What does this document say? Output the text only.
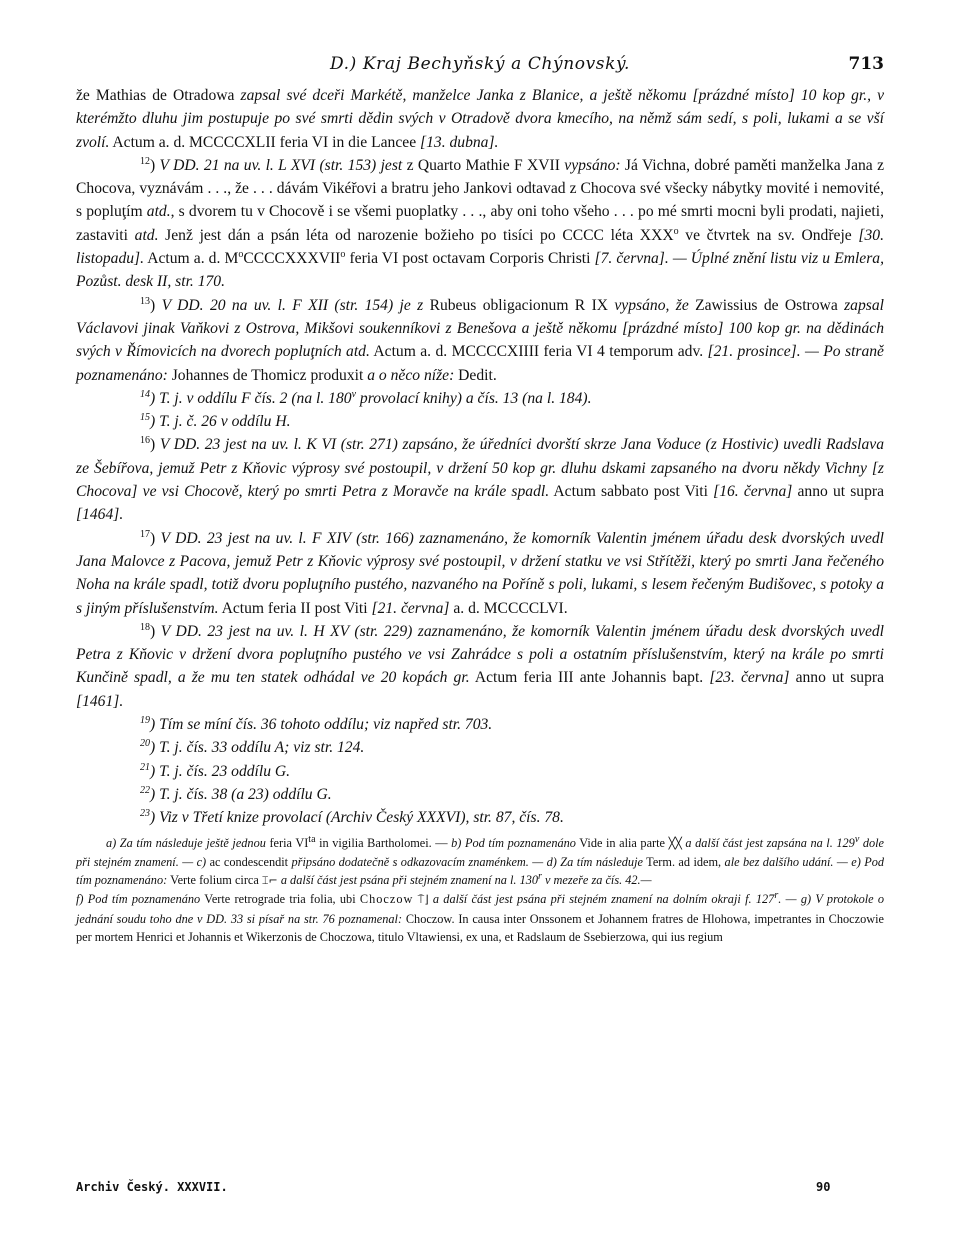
D.) Kraj Bechyňský a Chýnovský.	713

že Mathias de Otradowa zapsal své dceři Markétě, manželce Janka z Blanice, a ještě někomu [prázdné místo] 10 kop gr., v kterémžto dluhu jim postupuje po své smrti dědin svých v Otradově dvora kmecího, na němž sám sedí, s poli, lukami a se vší zvolí. Actum a. d. MCCCCXLII feria VI in die Lancee [13. dubna].

$^{12}$) V DD. 21 na uv. l. L XVI (str. 153) jest z Quarto Mathie F XVII vypsáno: Já Vichna, dobré paměti manželka Jana z Chocova, vyznávám . . ., že . . . dávám Vikéřovi a bratru jeho Jankovi odtavad z Chocova své všecky nábytky movité i nemovité, s popluţím atd., s dvorem tu v Chocově i se všemi puoplatky . . ., aby oni toho všeho . . . po mé smrti mocni byli prodati, najieti, zastaviti atd. Jenž jest dán a psán léta od narozenie božieho po tisíci po CCCC léta XXX$^o$ ve čtvrtek na sv. Ondřeje [30. listopadu]. Actum a. d. $M^oCCCCXXXVII^o$ feria VI post octavam Corporis Christi [7. června]. — Úplné znění listu viz u Emlera, Pozůst. desk II, str. 170.

$^{13}$) V DD. 20 na uv. l. F XII (str. 154) je z Rubeus obligacionum R IX vypsáno, že Zawissius de Ostrowa zapsal Václavovi jinak Vaňkovi z Ostrova, Mikšovi soukenníkovi z Benešova a ještě někomu [prázdné místo] 100 kop gr. na dědinách svých v Římovicích na dvorech popluţních atd. Actum a. d. MCCCCXIIII feria VI 4 temporum adv. [21. prosince]. — Po straně poznamenáno: Johannes de Thomicz produxit a o něco níže: Dedit.

$^{14}$) T. j. v oddílu F čís. 2 (na l. 180$^v$ provolací knihy) a čís. 13 (na l. 184).

$^{15}$) T. j. č. 26 v oddílu H.

$^{16}$) V DD. 23 jest na uv. l. K VI (str. 271) zapsáno, že úředníci dvorští skrze Jana Voduce (z Hostivic) uvedli Radslava ze Šebířova, jemuž Petr z Kňovic výprosy své postoupil, v držení 50 kop gr. dluhu dskami zapsaného na dvoru někdy Vichny [z Chocova] ve vsi Chocově, který po smrti Petra z Moravče na krále spadl. Actum sabbato post Viti [16. června] anno ut supra [1464].

$^{17}$) V DD. 23 jest na uv. l. F XIV (str. 166) zaznamenáno, že komorník Valentin jménem úřadu desk dvorských uvedl Jana Malovce z Pacova, jemuž Petr z Kňovic výprosy své postoupil, v držení statku ve vsi Střítěži, který po smrti Jana řečeného Noha na krále spadl, totiž dvoru popluţního pustého, nazvaného na Poříně s poli, lukami, s lesem řečeným Budišovec, s potoky a s jiným příslušenstvím. Actum feria II post Viti [21. června] a. d. MCCCCLVI.

$^{18}$) V DD. 23 jest na uv. l. H XV (str. 229) zaznamenáno, že komorník Valentin jménem úřadu desk dvorských uvedl Petra z Kňovic v držení dvora popluţního pustého ve vsi Zahrádce s poli a ostatním příslušenstvím, který na krále po smrti Kunčině spadl, a že mu ten statek odhádal ve 20 kopách gr. Actum feria III ante Johannis bapt. [23. června] anno ut supra [1461].

$^{19}$) Tím se míní čís. 36 tohoto oddílu; viz napřed str. 703.

$^{20}$) T. j. čís. 33 oddílu A; viz str. 124.

$^{21}$) T. j. čís. 23 oddílu G.

$^{22}$) T. j. čís. 38 (a 23) oddílu G.

$^{23}$) Viz v Třetí knize provolací (Archiv Český XXXVI), str. 87, čís. 78.

a) Za tím následuje ještě jednou feria $VI^{ta}$ in vigilia Bartholomei. — b) Pod tím poznamenáno Vide in alia parte ╳╳ a další část jest zapsána na l. 129$^v$ dole při stejném znamení. — c) ac condescendit připsáno dodatečně s odkazovacím znaménkem. — d) Za tím následuje Term. ad idem, ale bez dalšího udání. — e) Pod tím poznamenáno: Verte folium circa ⌶⌐ a další část jest psána při stejném znamení na l. 130$^r$ v mezeře za čís. 42.—

f) Pod tím poznamenáno Verte retrograde tria folia, ubi Choczow ⍑⌋ a další část jest psána při stejném znamení na dolním okraji f. 127$^r$. — g) V protokole o jednání soudu toho dne v DD. 33 si písař na str. 76 poznamenal: Choczow. In causa inter Onssonem et Johannem fratres de Hlohowa, impetrantes in Choczowie per mortem Henrici et Johannis et Wikerzonis de Choczowa, titulo Vltawiensi, ex una, et Radslaum de Ssebierzowa, qui ius regium

Archiv Český. XXXVII.	90
